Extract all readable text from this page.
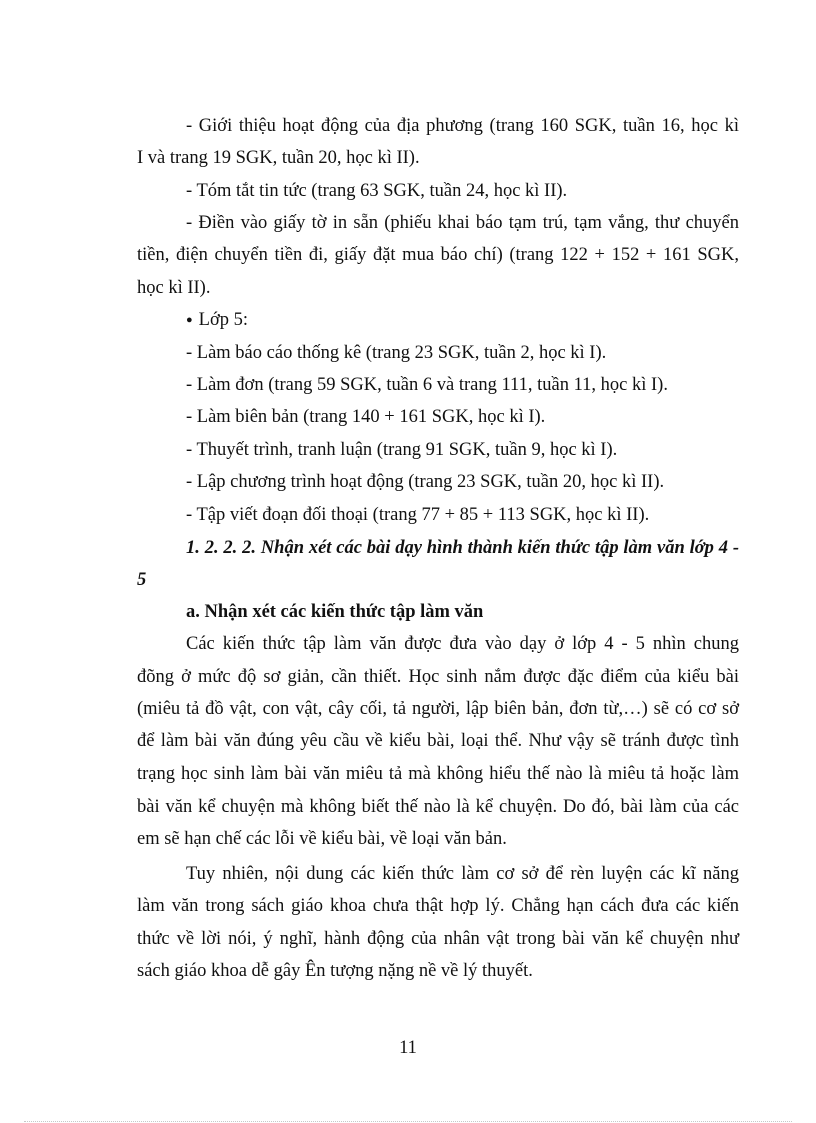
- Giới thiệu hoạt động của địa phương (trang 160 SGK, tuần 16, học kì
I và trang 19 SGK, tuần 20, học kì II).
- Tóm tắt tin tức (trang 63 SGK, tuần 24, học kì II).
- Điền vào giấy tờ in sẵn (phiếu khai báo tạm trú, tạm vắng, thư chuyển
tiền, điện chuyển tiền đi, giấy đặt mua báo chí) (trang 122 + 152 + 161 SGK,
học kì II).
● Lớp 5:
- Làm báo cáo thống kê (trang 23 SGK, tuần 2, học kì I).
- Làm đơn (trang 59 SGK, tuần 6 và trang 111, tuần 11, học kì I).
- Làm biên bản (trang 140 + 161 SGK, học kì I).
- Thuyết trình, tranh luận (trang 91 SGK, tuần 9, học kì I).
- Lập chương trình hoạt động (trang 23 SGK, tuần 20, học kì II).
- Tập viết đoạn đối thoại (trang 77 + 85 + 113 SGK, học kì II).
1. 2. 2. 2. Nhận xét các bài dạy hình thành kiến thức tập làm văn lớp 4 -
5
a. Nhận xét các kiến thức tập làm văn
Các kiến thức tập làm văn được đưa vào dạy ở lớp 4 - 5 nhìn chung
đõng ở mức độ sơ giản, cần thiết. Học sinh nắm được đặc điểm của kiểu bài
(miêu tả đồ vật, con vật, cây cối, tả người, lập biên bản, đơn từ,…) sẽ có cơ sở
để làm bài văn đúng yêu cầu về kiểu bài, loại thể. Như vậy sẽ tránh được tình
trạng học sinh làm bài văn miêu tả mà không hiểu thế nào là miêu tả hoặc làm
bài văn kể chuyện mà không biết thế nào là kể chuyện. Do đó, bài làm của các
em sẽ hạn chế các lỗi về kiểu bài, về loại văn bản.
Tuy nhiên, nội dung các kiến thức làm cơ sở để rèn luyện các kĩ năng
làm văn trong sách giáo khoa chưa thật hợp lý. Chẳng hạn cách đưa các kiến
thức về lời nói, ý nghĩ, hành động của nhân vật trong bài văn kể chuyện như
sách giáo khoa dễ gây Ên tượng nặng nề về lý thuyết.
11
